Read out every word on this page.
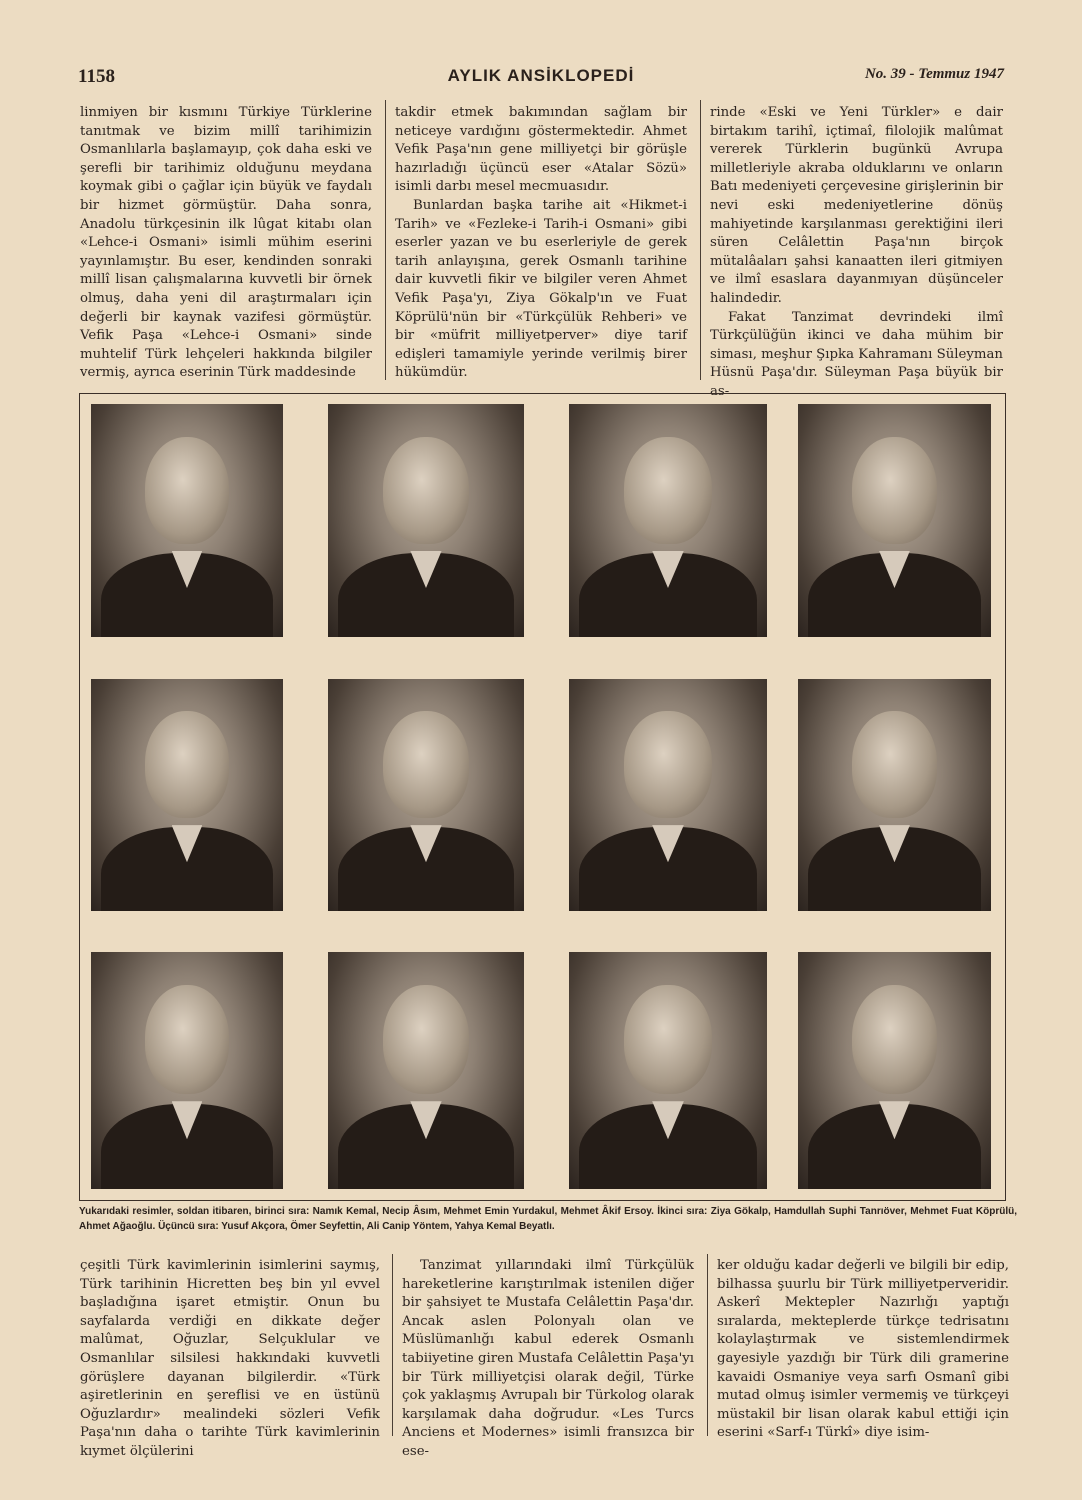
1158	AYLIK ANSİKLOPEDİ	No. 39 - Temmuz 1947

linmiyen bir kısmını Türkiye Türklerine tanıtmak ve bizim millî tarihimizin Osmanlılarla başlamayıp, çok daha eski ve şerefli bir tarihimiz olduğunu meydana koymak gibi o çağlar için büyük ve faydalı bir hizmet görmüştür. Daha sonra, Anadolu türkçesinin ilk lûgat kitabı olan «Lehce-i Osmani» isimli mühim eserini yayınlamıştır. Bu eser, kendinden sonraki millî lisan çalışmalarına kuvvetli bir örnek olmuş, daha yeni dil araştırmaları için değerli bir kaynak vazifesi görmüştür. Vefik Paşa «Lehce-i Osmani» sinde muhtelif Türk lehçeleri hakkında bilgiler vermiş, ayrıca eserinin Türk maddesinde

takdir etmek bakımından sağlam bir neticeye vardığını göstermektedir. Ahmet Vefik Paşa'nın gene milliyetçi bir görüşle hazırladığı üçüncü eser «Atalar Sözü» isimli darbı mesel mecmuasıdır.

Bunlardan başka tarihe ait «Hikmet-i Tarih» ve «Fezleke-i Tarih-i Osmani» gibi eserler yazan ve bu eserleriyle de gerek tarih anlayışına, gerek Osmanlı tarihine dair kuvvetli fikir ve bilgiler veren Ahmet Vefik Paşa'yı, Ziya Gökalp'ın ve Fuat Köprülü'nün bir «Türkçülük Rehberi» ve bir «müfrit milliyetperver» diye tarif edişleri tamamiyle yerinde verilmiş birer hükümdür.

rinde «Eski ve Yeni Türkler» e dair birtakım tarihî, içtimaî, filolojik malûmat vererek Türklerin bugünkü Avrupa milletleriyle akraba olduklarını ve onların Batı medeniyeti çerçevesine girişlerinin bir nevi eski medeniyetlerine dönüş mahiyetinde karşılanması gerektiğini ileri süren Celâlettin Paşa'nın birçok mütalâaları şahsi kanaatten ileri gitmiyen ve ilmî esaslara dayanmıyan düşünceler halindedir.

Fakat Tanzimat devrindeki ilmî Türkçülüğün ikinci ve daha mühim bir siması, meşhur Şıpka Kahramanı Süleyman Hüsnü Paşa'dır. Süleyman Paşa büyük bir as-

Yukarıdaki resimler, soldan itibaren, birinci sıra: Namık Kemal, Necip Âsım, Mehmet Emin Yurdakul, Mehmet Âkif Ersoy. İkinci sıra: Ziya Gökalp, Hamdullah Suphi Tanrıöver, Mehmet Fuat Köprülü, Ahmet Ağaoğlu. Üçüncü sıra: Yusuf Akçora, Ömer Seyfettin, Ali Canip Yöntem, Yahya Kemal Beyatlı.

çeşitli Türk kavimlerinin isimlerini saymış, Türk tarihinin Hicretten beş bin yıl evvel başladığına işaret etmiştir. Onun bu sayfalarda verdiği en dikkate değer malûmat, Oğuzlar, Selçuklular ve Osmanlılar silsilesi hakkındaki kuvvetli görüşlere dayanan bilgilerdir. «Türk aşiretlerinin en şereflisi ve en üstünü Oğuzlardır» mealindeki sözleri Vefik Paşa'nın daha o tarihte Türk kavimlerinin kıymet ölçülerini

Tanzimat yıllarındaki ilmî Türkçülük hareketlerine karıştırılmak istenilen diğer bir şahsiyet te Mustafa Celâlettin Paşa'dır. Ancak aslen Polonyalı olan ve Müslümanlığı kabul ederek Osmanlı tabiiyetine giren Mustafa Celâlettin Paşa'yı bir Türk milliyetçisi olarak değil, Türke çok yaklaşmış Avrupalı bir Türkolog olarak karşılamak daha doğrudur. «Les Turcs Anciens et Modernes» isimli fransızca bir ese-

ker olduğu kadar değerli ve bilgili bir edip, bilhassa şuurlu bir Türk milliyetperveridir. Askerî Mektepler Nazırlığı yaptığı sıralarda, mekteplerde türkçe tedrisatını kolaylaştırmak ve sistemlendirmek gayesiyle yazdığı bir Türk dili gramerine kavaidi Osmaniye veya sarfı Osmanî gibi mutad olmuş isimler vermemiş ve türkçeyi müstakil bir lisan olarak kabul ettiği için eserini «Sarf-ı Türkî» diye isim-
